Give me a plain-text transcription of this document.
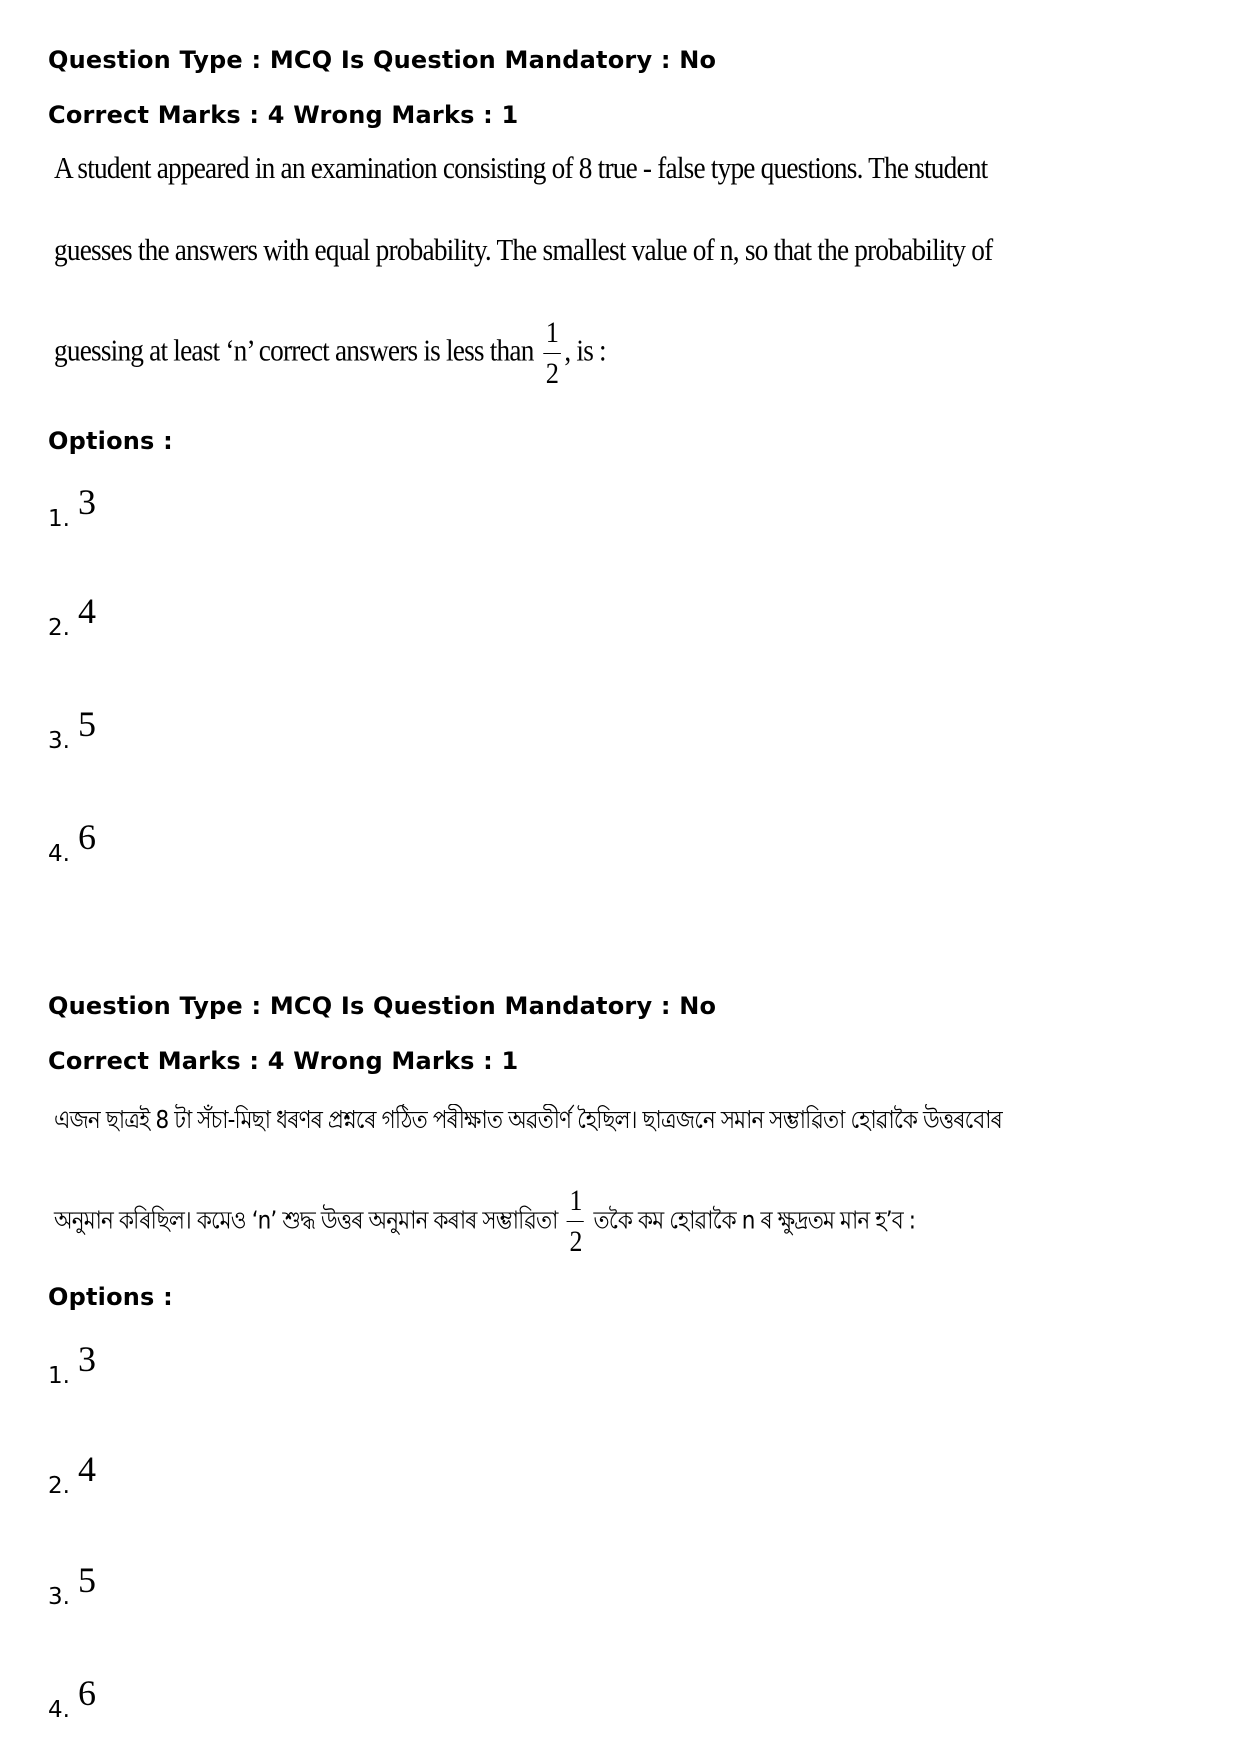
Question Type : MCQ Is Question Mandatory : No
Correct Marks : 4 Wrong Marks : 1
A student appeared in an examination consisting of 8 true - false type questions. The student
guesses the answers with equal probability. The smallest value of n, so that the probability of
guessing at least ‘n’ correct answers is less than $\frac{1}{2}$ , is :
Options :
1. 3
2. 4
3. 5
4. 6
Question Type : MCQ Is Question Mandatory : No
Correct Marks : 4 Wrong Marks : 1
এজন ছাত্ৰই 8 টা সঁচা-মিছা ধৰণৰ প্ৰশ্নৰে গঠিত পৰীক্ষাত অৱতীৰ্ণ হৈছিল। ছাত্ৰজনে সমান সম্ভাৱিতা হোৱাকৈ উত্তৰবোৰ
অনুমান কৰিছিল। কমেও ‘n’ শুদ্ধ উত্তৰ অনুমান কৰাৰ সম্ভাৱিতা $\frac{1}{2}$ তকৈ কম হোৱাকৈ n ৰ ক্ষুদ্ৰতম মান হ’ব :
Options :
1. 3
2. 4
3. 5
4. 6
